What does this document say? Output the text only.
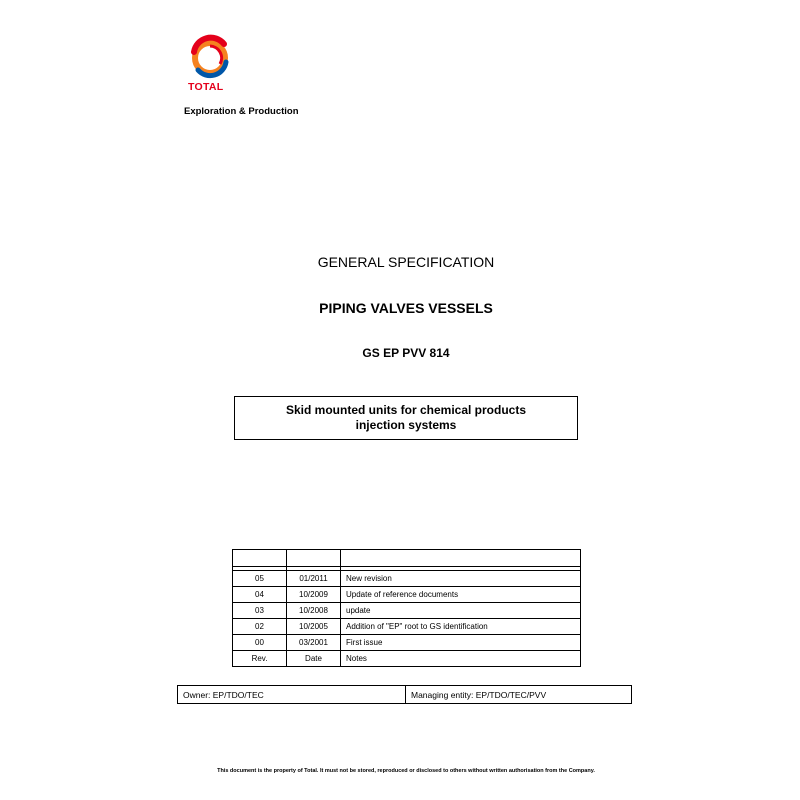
TOTAL
Exploration & Production
GENERAL SPECIFICATION
PIPING VALVES VESSELS
GS EP PVV 814
Skid mounted units for chemical products
injection systems

05	01/2011	New revision
04	10/2009	Update of reference documents
03	10/2008	update
02	10/2005	Addition of "EP" root to GS identification
00	03/2001	First issue
Rev.	Date	Notes
Owner: EP/TDO/TEC	Managing entity: EP/TDO/TEC/PVV
This document is the property of Total. It must not be stored, reproduced or disclosed to others without written authorisation from the Company.
